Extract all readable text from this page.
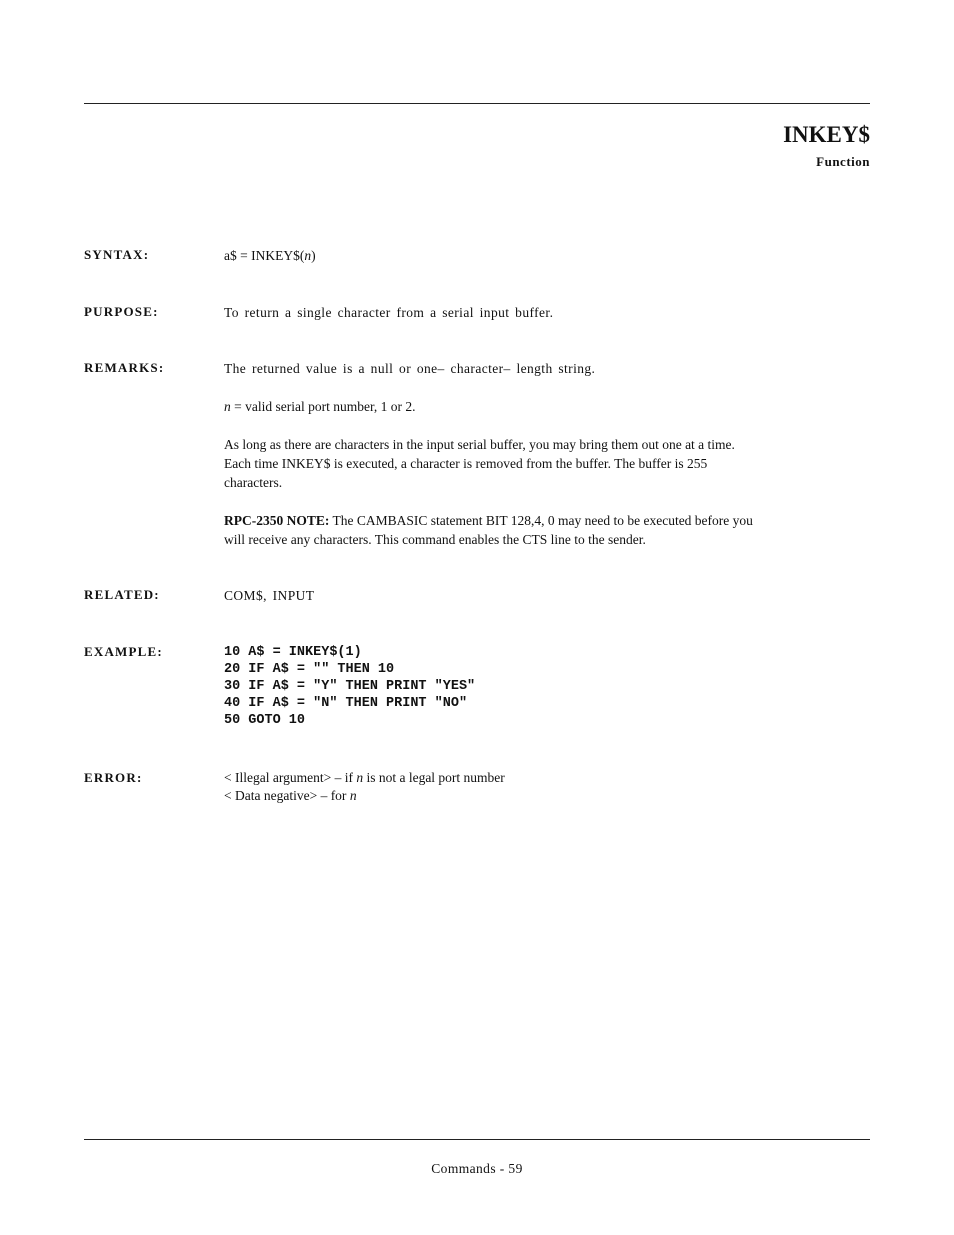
INKEY$
Function
SYNTAX:	a$ = INKEY$(n)
PURPOSE:	To return a single character from a serial input buffer.
REMARKS:	The returned value is a null or one– character– length string.

n = valid serial port number, 1 or 2.

As long as there are characters in the input serial buffer, you may bring them out one at a time.
Each time INKEY$ is executed, a character is removed from the buffer. The buffer is 255
characters.

RPC-2350 NOTE: The CAMBASIC statement BIT 128,4, 0 may need to be executed before you
will receive any characters. This command enables the CTS line to the sender.

RELATED:	COM$, INPUT
EXAMPLE:	10 A$ = INKEY$(1)
20 IF A$ = "" THEN 10
30 IF A$ = "Y" THEN PRINT "YES"
40 IF A$ = "N" THEN PRINT "NO"
50 GOTO 10
ERROR:	< Illegal argument> – if n is not a legal port number
< Data negative> – for n
Commands - 59
